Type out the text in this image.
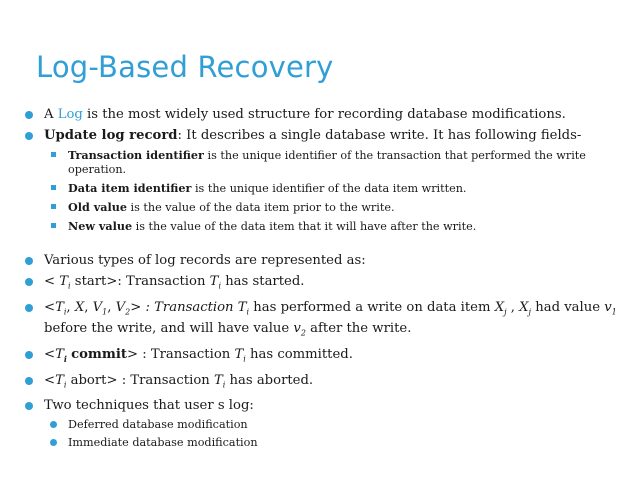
Log-Based Recovery
A Log is the most widely used structure for recording database modifications.
Update log record: It describes a single database write. It has following fields-
Transaction identifier is the unique identifier of the transaction that performed the write operation.
Data item identifier is the unique identifier of the data item written.
Old value is the value of the data item prior to the write.
New value is the value of the data item that it will have after the write.
Various types of log records are represented as:
< $T_i$ start>: Transaction $T_i$ has started.
$<T_i$, X, $V_1$, $V_2>$ : Transaction $T_i$ has performed a write on data item $X_j$ , $X_j$ had value $v_1$ before the write, and will have value $v_2$ after the write.
$<T_i$ commit> : Transaction $T_i$ has committed.
$<T_i$ abort> : Transaction $T_i$ has aborted.
Two techniques that user s log:
Deferred database modification
Immediate database modification
